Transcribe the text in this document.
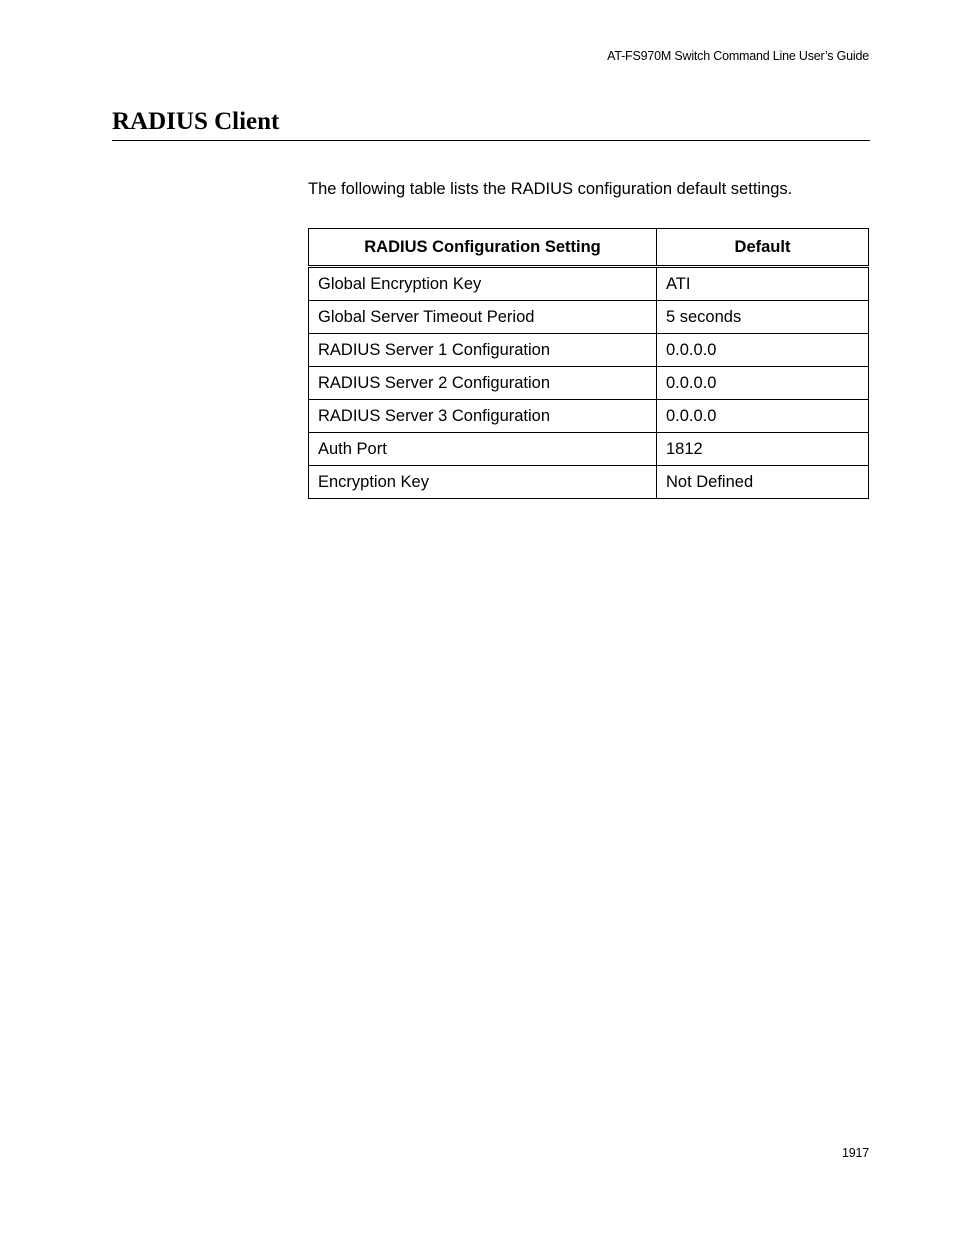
AT-FS970M Switch Command Line User’s Guide
RADIUS Client

The following table lists the RADIUS configuration default settings.

RADIUS Configuration Setting	Default
Global Encryption Key	ATI
Global Server Timeout Period	5 seconds
RADIUS Server 1 Configuration	0.0.0.0
RADIUS Server 2 Configuration	0.0.0.0
RADIUS Server 3 Configuration	0.0.0.0
Auth Port	1812
Encryption Key	Not Defined
1917
